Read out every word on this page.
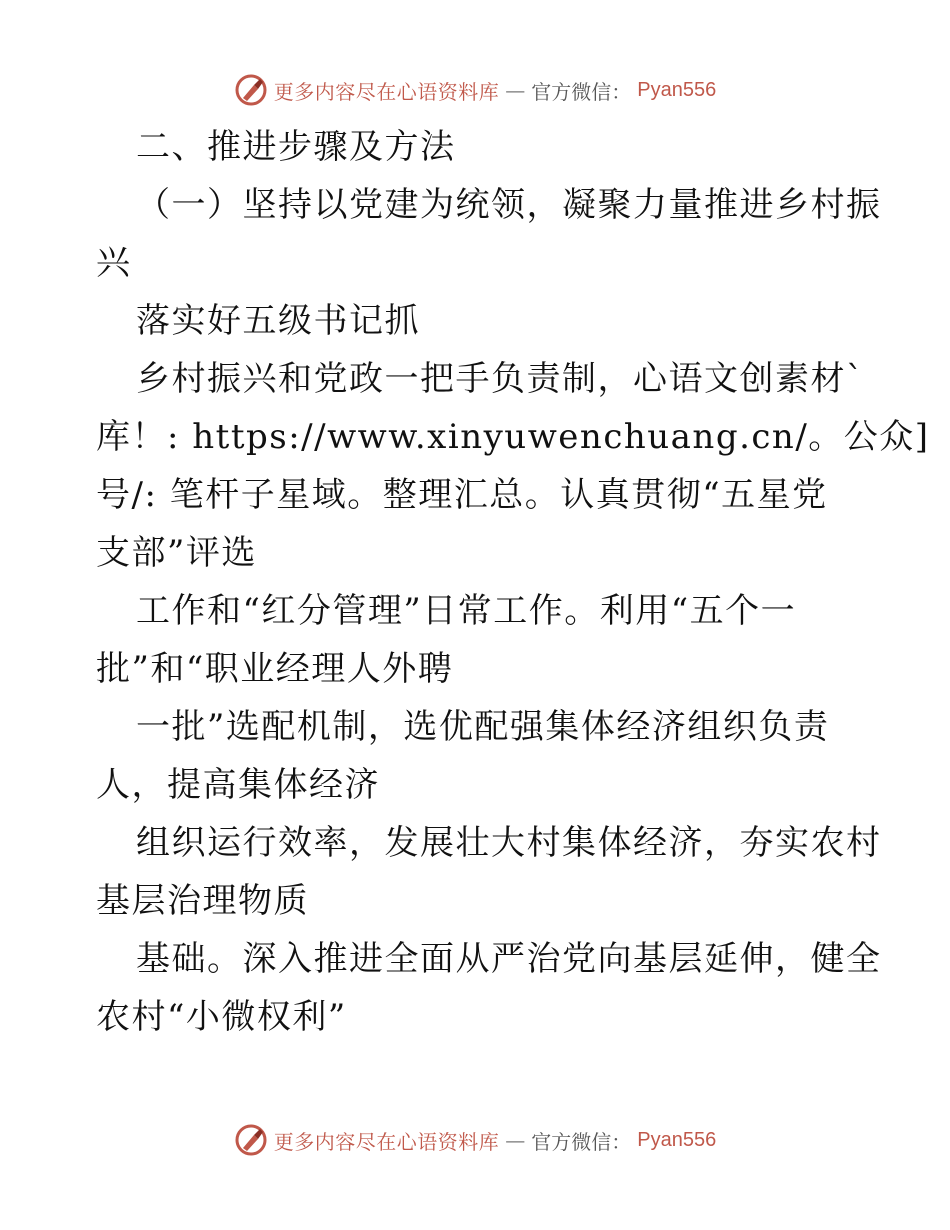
更多内容尽在心语资料库 — 官方微信： Pyan556
二、推进步骤及方法
（一）坚持以党建为统领，凝聚力量推进乡村振
兴
落实好五级书记抓
乡村振兴和党政一把手负责制，心语文创素材`
库！: https://www.xinyuwenchuang.cn/。公众]
号/: 笔杆子星域。整理汇总。认真贯彻“五星党
支部”评选
工作和“红分管理”日常工作。利用“五个一
批”和“职业经理人外聘
一批”选配机制，选优配强集体经济组织负责
人，提高集体经济
组织运行效率，发展壮大村集体经济，夯实农村
基层治理物质
基础。深入推进全面从严治党向基层延伸，健全
农村“小微权利”
更多内容尽在心语资料库 — 官方微信： Pyan556
